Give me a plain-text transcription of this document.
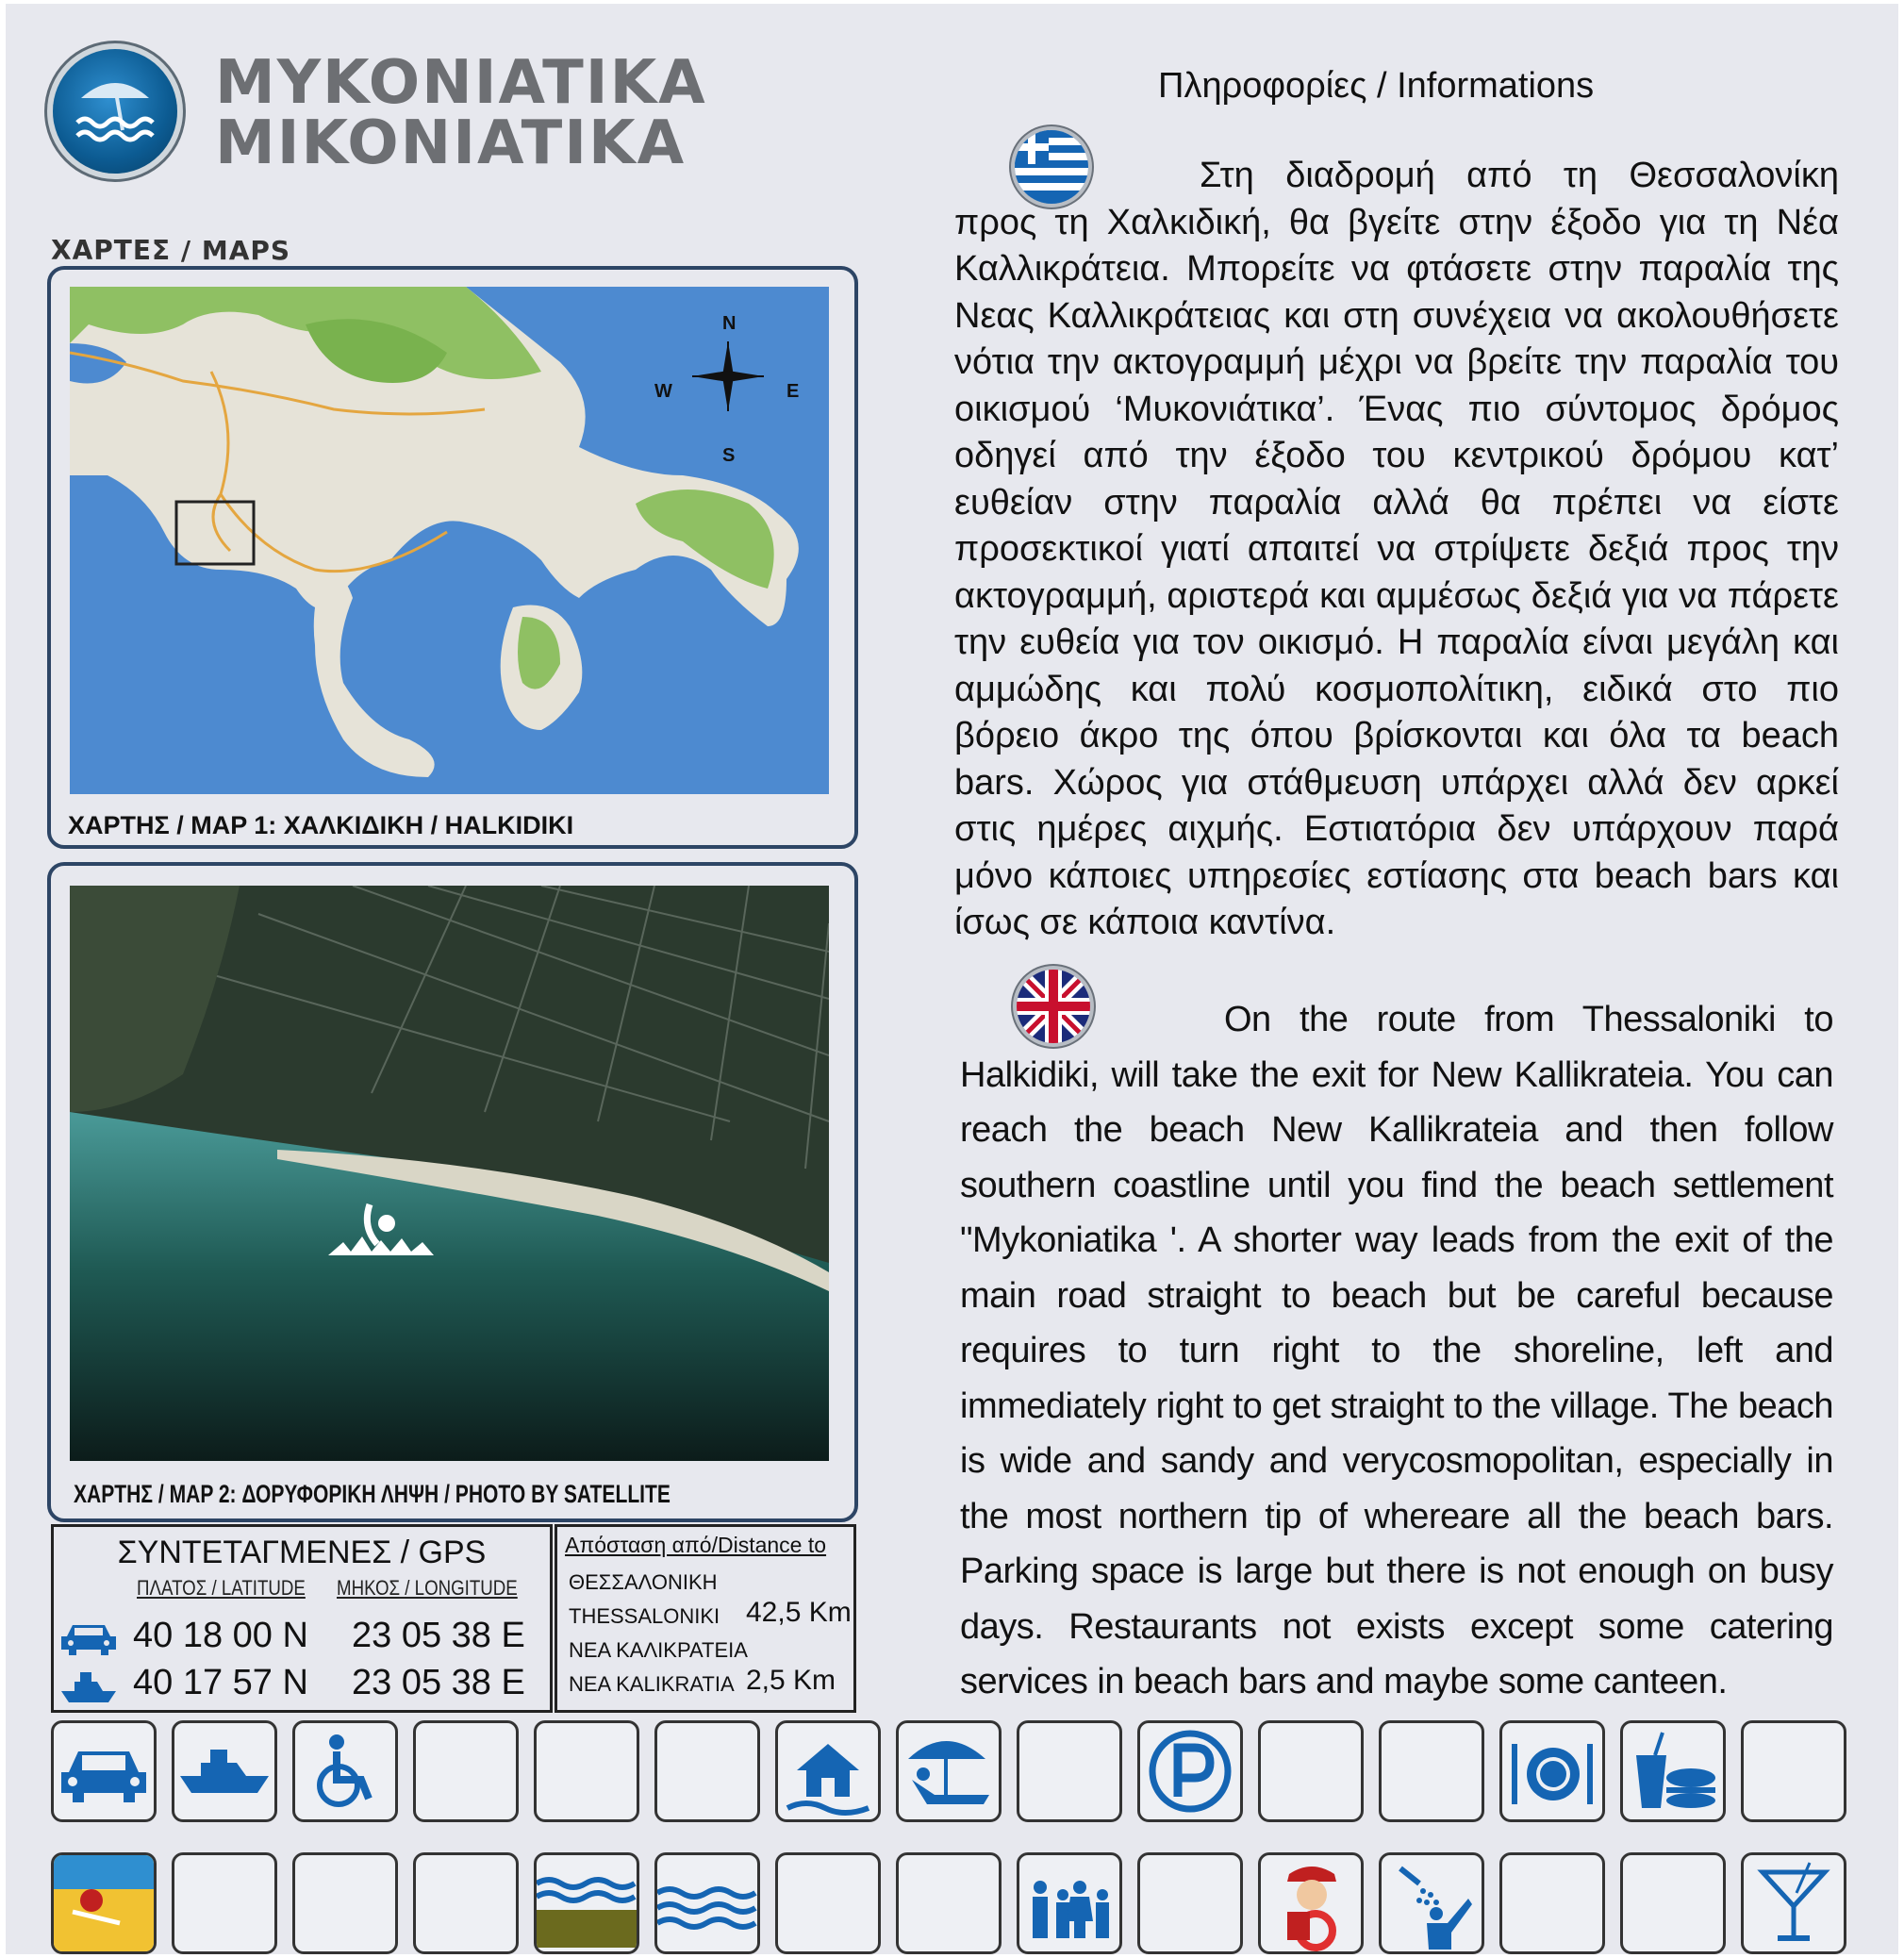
MYKONIATIKA
MIKONIATIKA
ΧΑΡΤΕΣ / MAPS
N
S
E
W
ΧΑΡΤΗΣ / MAP 1: ΧΑΛΚΙΔΙΚΗ / HALKIDIKI
ΧΑΡΤΗΣ / MAP 2: ΔΟΡΥΦΟΡΙΚΗ ΛΗΨΗ / PHOTO BY SATELLITE
ΣΥΝΤΕΤΑΓΜΕΝΕΣ / GPS
ΠΛΑΤΟΣ / LATITUDE ΜΗΚΟΣ / LONGITUDE
40 18 00 N 23 05 38 E
40 17 57 N 23 05 38 E
Απόσταση από/Distance to
ΘΕΣΣΑΛΟΝΙΚΗ
THESSALONIKI 42,5 Km
ΝΕΑ ΚΑΛΙΚΡΑΤΕΙΑ
ΝΕΑ KALIKRATIA 2,5 Km
Πληροφορίες / Informations
Στη διαδρομή από τη Θεσσαλονίκη προς τη Χαλκιδική, θα βγείτε στην έξοδο για τη Νέα Καλλικράτεια. Μπορείτε να φτάσετε στην παραλία της Νεας Καλλικράτειας και στη συνέχεια να ακολουθήσετε νότια την ακτογραμμή μέχρι να βρείτε την παραλία του οικισμού ‘Μυκονιάτικα’. Ένας πιο σύντομος δρόμος οδηγεί από την έξοδο του κεντρικού δρόμου κατ’ ευθείαν στην παραλία αλλά θα πρέπει να είστε προσεκτικοί γιατί απαιτεί να στρίψετε δεξιά προς την ακτογραμμή, αριστερά και αμμέσως δεξιά για να πάρετε την ευθεία για τον οικισμό. Η παραλία είναι μεγάλη και αμμώδης και πολύ κοσμοπολίτικη, ειδικά στο πιο βόρειο άκρο της όπου βρίσκονται και όλα τα beach bars. Χώρος για στάθμευση υπάρχει αλλά δεν αρκεί στις ημέρες αιχμής. Εστιατόρια δεν υπάρχουν παρά μόνο κάποιες υπηρεσίες εστίασης στα beach bars και ίσως σε κάποια καντίνα.
On the route from Thessaloniki to Halkidiki, will take the exit for New Kallikrateia. You can reach the beach New Kallikrateia and then follow southern coastline until you find the beach settlement "Mykoniatika '. A shorter way leads from the exit of the main road straight to beach but be careful because requires to turn right to the shoreline, left and immediately right to get straight to the village. The beach is wide and sandy and verycosmopolitan, especially in the most northern tip of whereare all the beach bars. Parking space is large but there is not enough on busy days. Restaurants not exists except some catering services in beach bars and maybe some canteen.
